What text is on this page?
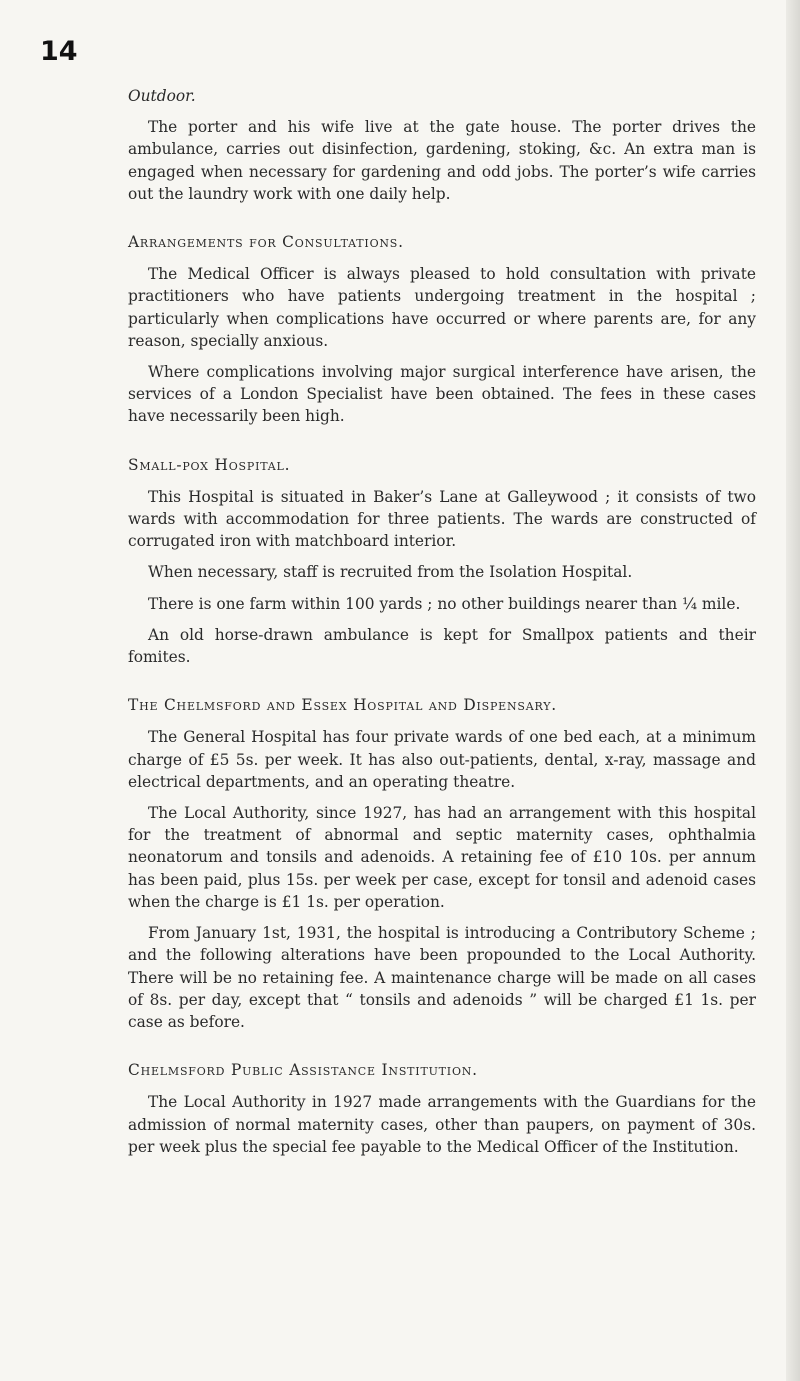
14
Outdoor.

The porter and his wife live at the gate house. The porter drives the ambulance, carries out disinfection, gardening, stoking, &c. An extra man is engaged when necessary for gardening and odd jobs. The porter’s wife carries out the laundry work with one daily help.

Arrangements for Consultations.

The Medical Officer is always pleased to hold consultation with private practitioners who have patients undergoing treatment in the hospital ; particularly when complications have occurred or where parents are, for any reason, specially anxious.

Where complications involving major surgical interference have arisen, the services of a London Specialist have been obtained. The fees in these cases have necessarily been high.

Small-pox Hospital.

This Hospital is situated in Baker’s Lane at Galleywood ; it consists of two wards with accommodation for three patients. The wards are constructed of corrugated iron with matchboard interior.

When necessary, staff is recruited from the Isolation Hospital.

There is one farm within 100 yards ; no other buildings nearer than ¼ mile.

An old horse-drawn ambulance is kept for Smallpox patients and their fomites.

The Chelmsford and Essex Hospital and Dispensary.

The General Hospital has four private wards of one bed each, at a minimum charge of £5 5s. per week. It has also out-patients, dental, x-ray, massage and electrical departments, and an operating theatre.

The Local Authority, since 1927, has had an arrangement with this hospital for the treatment of abnormal and septic maternity cases, ophthalmia neonatorum and tonsils and adenoids. A retaining fee of £10 10s. per annum has been paid, plus 15s. per week per case, except for tonsil and adenoid cases when the charge is £1 1s. per operation.

From January 1st, 1931, the hospital is introducing a Contributory Scheme ; and the following alterations have been propounded to the Local Authority. There will be no retaining fee. A maintenance charge will be made on all cases of 8s. per day, except that “ tonsils and adenoids ” will be charged £1 1s. per case as before.

Chelmsford Public Assistance Institution.

The Local Authority in 1927 made arrangements with the Guardians for the admission of normal maternity cases, other than paupers, on payment of 30s. per week plus the special fee payable to the Medical Officer of the Institution.
